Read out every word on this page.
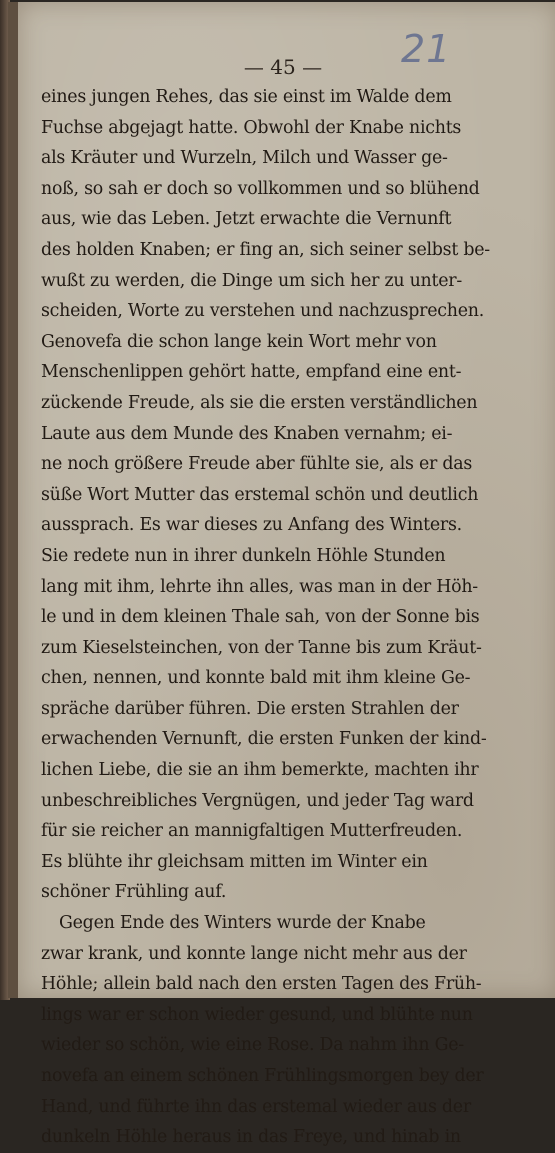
21
— 45 —
eines jungen Rehes, das sie einst im Walde dem
Fuchse abgejagt hatte. Obwohl der Knabe nichts
als Kräuter und Wurzeln, Milch und Wasser ge-
noß, so sah er doch so vollkommen und so blühend
aus, wie das Leben. Jetzt erwachte die Vernunft
des holden Knaben; er fing an, sich seiner selbst be-
wußt zu werden, die Dinge um sich her zu unter-
scheiden, Worte zu verstehen und nachzusprechen.
Genovefa die schon lange kein Wort mehr von
Menschenlippen gehört hatte, empfand eine ent-
zückende Freude, als sie die ersten verständlichen
Laute aus dem Munde des Knaben vernahm; ei-
ne noch größere Freude aber fühlte sie, als er das
süße Wort Mutter das erstemal schön und deutlich
aussprach. Es war dieses zu Anfang des Winters.
Sie redete nun in ihrer dunkeln Höhle Stunden
lang mit ihm, lehrte ihn alles, was man in der Höh-
le und in dem kleinen Thale sah, von der Sonne bis
zum Kieselsteinchen, von der Tanne bis zum Kräut-
chen, nennen, und konnte bald mit ihm kleine Ge-
spräche darüber führen. Die ersten Strahlen der
erwachenden Vernunft, die ersten Funken der kind-
lichen Liebe, die sie an ihm bemerkte, machten ihr
unbeschreibliches Vergnügen, und jeder Tag ward
für sie reicher an mannigfaltigen Mutterfreuden.
Es blühte ihr gleichsam mitten im Winter ein
schöner Frühling auf.
Gegen Ende des Winters wurde der Knabe
zwar krank, und konnte lange nicht mehr aus der
Höhle; allein bald nach den ersten Tagen des Früh-
lings war er schon wieder gesund, und blühte nun
wieder so schön, wie eine Rose. Da nahm ihn Ge-
novefa an einem schönen Frühlingsmorgen bey der
Hand, und führte ihn das erstemal wieder aus der
dunkeln Höhle heraus in das Freye, und hinab in
